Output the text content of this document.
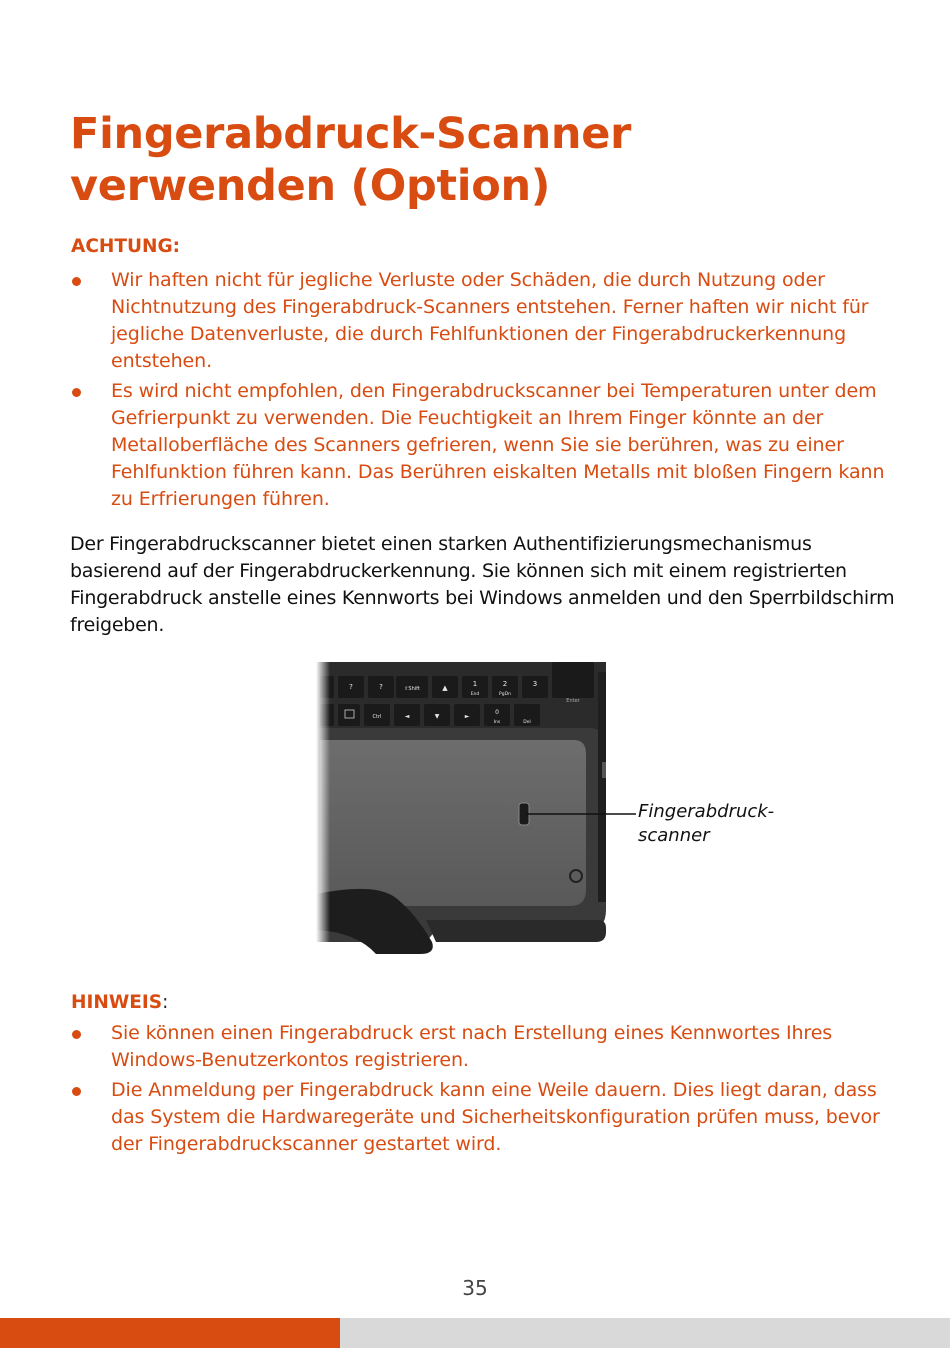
Fingerabdruck-Scanner
verwenden (Option)
ACHTUNG:
Wir haften nicht für jegliche Verluste oder Schäden, die durch Nutzung oder Nichtnutzung des Fingerabdruck-Scanners entstehen. Ferner haften wir nicht für jegliche Datenverluste, die durch Fehlfunktionen der Fingerabdruckerkennung entstehen.
Es wird nicht empfohlen, den Fingerabdruckscanner bei Temperaturen unter dem Gefrierpunkt zu verwenden. Die Feuchtigkeit an Ihrem Finger könnte an der Metalloberfläche des Scanners gefrieren, wenn Sie sie berühren, was zu einer Fehlfunktion führen kann. Das Berühren eiskalten Metalls mit bloßen Fingern kann zu Erfrierungen führen.

Der Fingerabdruckscanner bietet einen starken Authentifizierungsmechanismus basierend auf der Fingerabdruckerkennung. Sie können sich mit einem registrierten Fingerabdruck anstelle eines Kennworts bei Windows anmelden und den Sperrbildschirm freigeben.

?	?	⇧Shift	▲	1
End
2
PgDn
3
Enter
Ctrl	◄	▼	►
0
Ins	Del
Fingerabdruck-
scanner
HINWEIS:
Sie können einen Fingerabdruck erst nach Erstellung eines Kennwortes Ihres Windows-Benutzerkontos registrieren.
Die Anmeldung per Fingerabdruck kann eine Weile dauern. Dies liegt daran, dass das System die Hardwaregeräte und Sicherheitskonfiguration prüfen muss, bevor der Fingerabdruckscanner gestartet wird.
35
